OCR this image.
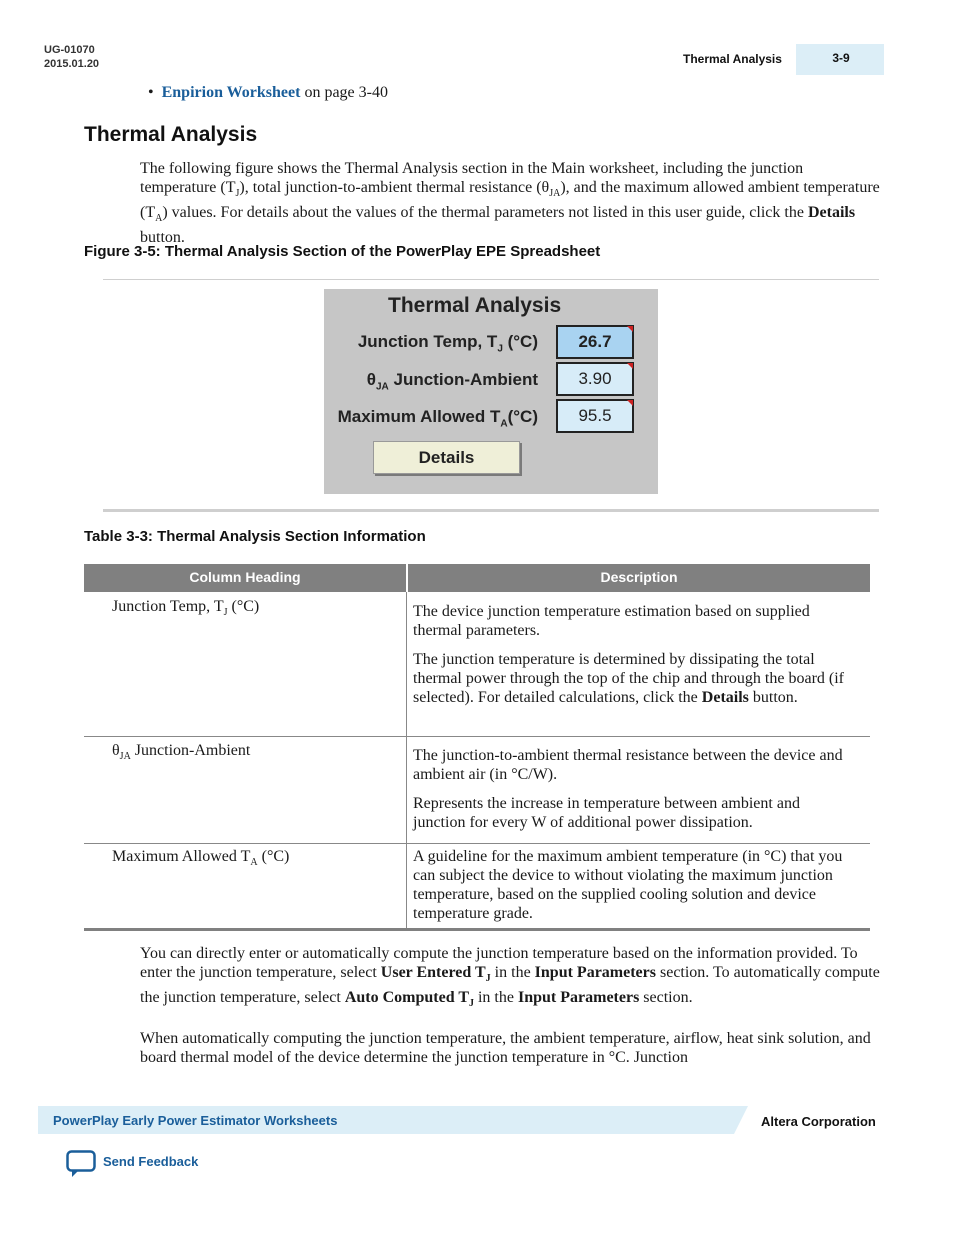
UG-01070
2015.01.20	Thermal Analysis	3-9
• Enpirion Worksheet on page 3-40
Thermal Analysis
The following figure shows the Thermal Analysis section in the Main worksheet, including the junction temperature $(T_J)$, total junction-to-ambient thermal resistance $(\theta_{JA})$, and the maximum allowed ambient temperature $(T_A)$ values. For details about the values of the thermal parameters not listed in this user guide, click the Details button.
Figure 3-5: Thermal Analysis Section of the PowerPlay EPE Spreadsheet
Thermal Analysis
Junction Temp, $T_J$ (°C)	26.7
$\theta_{JA}$ Junction-Ambient	3.90
Maximum Allowed $T_A(^\circ C)$	95.5
Details
Table 3-3: Thermal Analysis Section Information
Column Heading	Description
Junction Temp, $T_J$ (°C)	The device junction temperature estimation based on supplied thermal parameters.
The junction temperature is determined by dissipating the total thermal power through the top of the chip and through the board (if selected). For detailed calculations, click the Details button.
$\theta_{JA}$ Junction-Ambient	The junction-to-ambient thermal resistance between the device and ambient air (in °C/W).
Represents the increase in temperature between ambient and junction for every W of additional power dissipation.
Maximum Allowed $T_A$ (°C)	A guideline for the maximum ambient temperature (in °C) that you can subject the device to without violating the maximum junction temperature, based on the supplied cooling solution and device temperature grade.
You can directly enter or automatically compute the junction temperature based on the information provided. To enter the junction temperature, select User Entered $T_J$ in the Input Parameters section. To automatically compute the junction temperature, select Auto Computed $T_J$ in the Input Parameters section.
When automatically computing the junction temperature, the ambient temperature, airflow, heat sink solution, and board thermal model of the device determine the junction temperature in °C. Junction
PowerPlay Early Power Estimator Worksheets	Altera Corporation
Send Feedback
